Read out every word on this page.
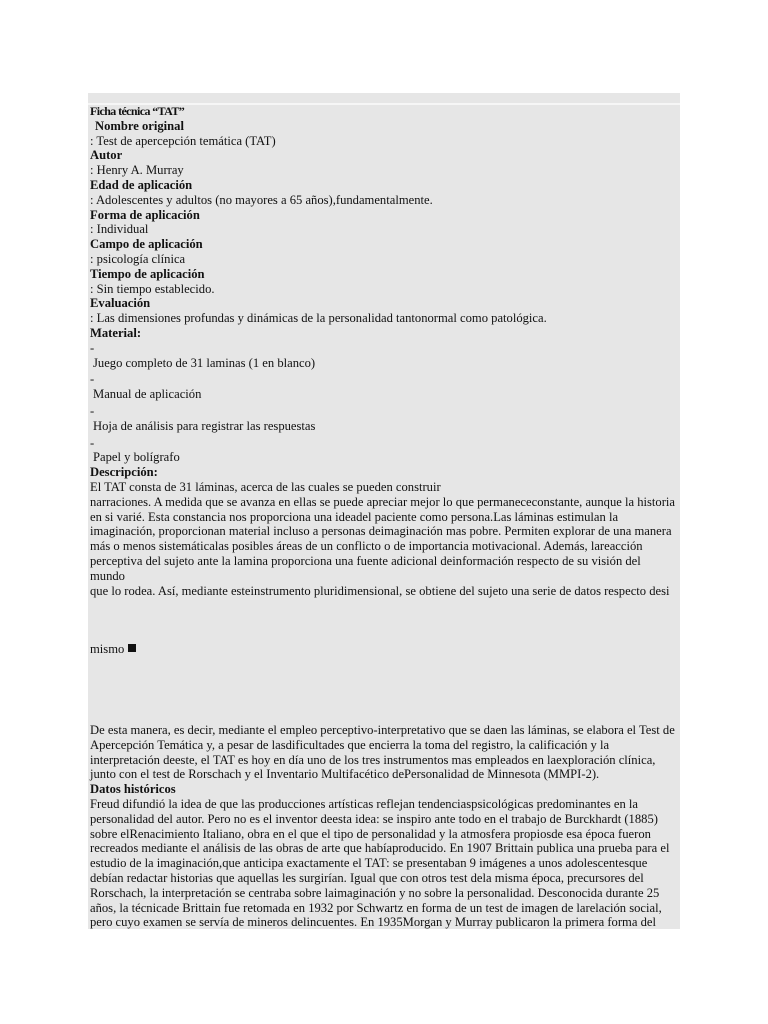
Ficha técnica “TAT”
Nombre original
: Test de apercepción temática (TAT)
Autor
: Henry A. Murray
Edad de aplicación
: Adolescentes y adultos (no mayores a 65 años),fundamentalmente.
Forma de aplicación
: Individual
Campo de aplicación
: psicología clínica
Tiempo de aplicación
: Sin tiempo establecido.
Evaluación
: Las dimensiones profundas y dinámicas de la personalidad tantonormal como patológica.
Material:
-
Juego completo de 31 laminas (1 en blanco)
-
Manual de aplicación
-
Hoja de análisis para registrar las respuestas
-
Papel y bolígrafo
Descripción:

El TAT consta de 31 láminas, acerca de las cuales se pueden construir
narraciones. A medida que se avanza en ellas se puede apreciar mejor lo que permanececonstante, aunque la historia
en si varié. Esta constancia nos proporciona una ideadel paciente como persona.Las láminas estimulan la
imaginación, proporcionan material incluso a personas deimaginación mas pobre. Permiten explorar de una manera
más o menos sistemáticalas posibles áreas de un conflicto o de importancia motivacional. Además, lareacción
perceptiva del sujeto ante la lamina proporciona una fuente adicional deinformación respecto de su visión del mundo
que lo rodea. Así, mediante esteinstrumento pluridimensional, se obtiene del sujeto una serie de datos respecto desi

mismo

De esta manera, es decir, mediante el empleo perceptivo-interpretativo que se daen las láminas, se elabora el Test de
Apercepción Temática y, a pesar de lasdificultades que encierra la toma del registro, la calificación y la
interpretación deeste, el TAT es hoy en día uno de los tres instrumentos mas empleados en laexploración clínica,
junto con el test de Rorschach y el Inventario Multifacético dePersonalidad de Minnesota (MMPI-2).

Datos históricos

Freud difundió la idea de que las producciones artísticas reflejan tendenciaspsicológicas predominantes en la
personalidad del autor. Pero no es el inventor deesta idea: se inspiro ante todo en el trabajo de Burckhardt (1885)
sobre elRenacimiento Italiano, obra en el que el tipo de personalidad y la atmosfera propiosde esa época fueron
recreados mediante el análisis de las obras de arte que habíaproducido. En 1907 Brittain publica una prueba para el
estudio de la imaginación,que anticipa exactamente el TAT: se presentaban 9 imágenes a unos adolescentesque
debían redactar historias que aquellas les surgirían. Igual que con otros test dela misma época, precursores del
Rorschach, la interpretación se centraba sobre laimaginación y no sobre la personalidad. Desconocida durante 25
años, la técnicade Brittain fue retomada en 1932 por Schwartz en forma de un test de imagen de larelación social,
pero cuyo examen se servía de mineros delincuentes. En 1935Morgan y Murray publicaron la primera forma del
